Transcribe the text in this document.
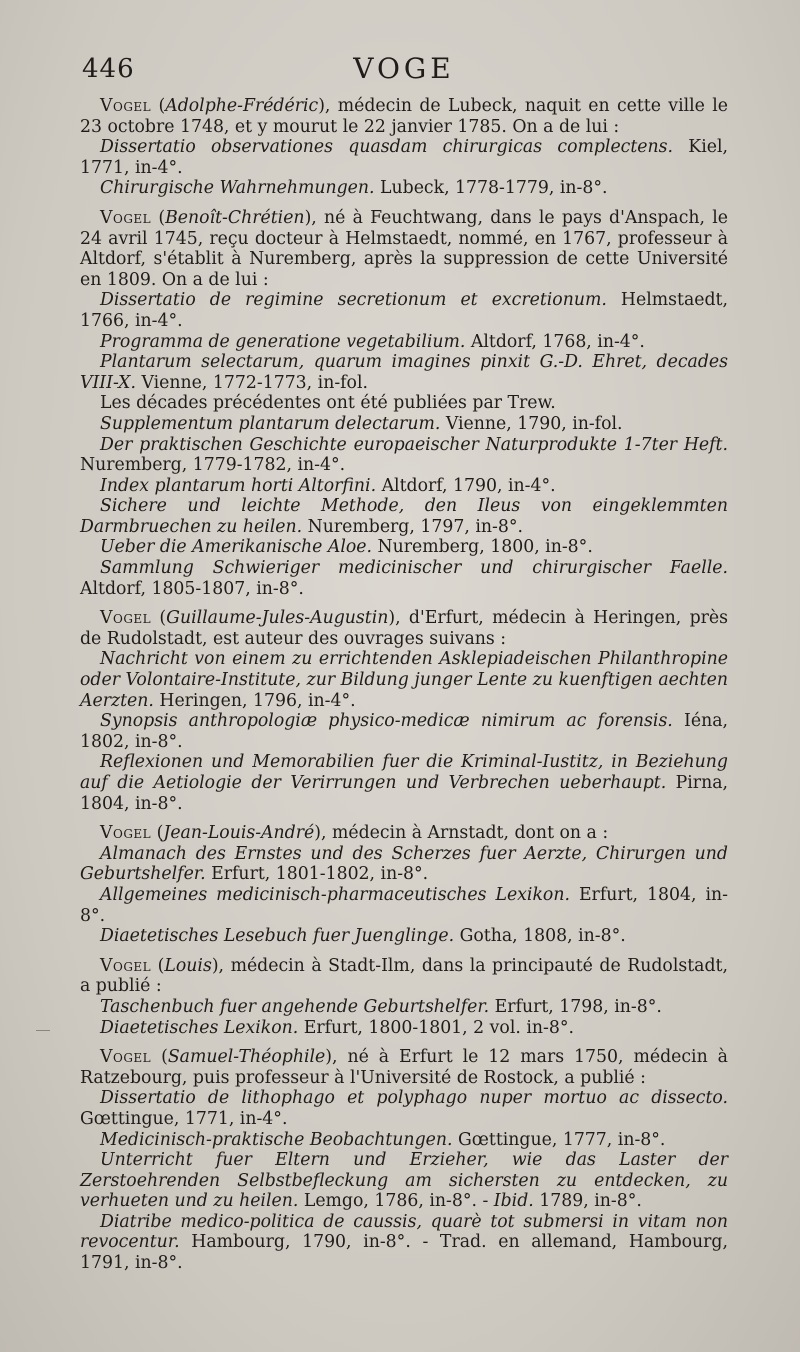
446	VOGE

Vogel (Adolphe-Frédéric), médecin de Lubeck, naquit en cette ville le 23 octobre 1748, et y mourut le 22 janvier 1785. On a de lui :

Dissertatio observationes quasdam chirurgicas complectens. Kiel, 1771, in-4°.

Chirurgische Wahrnehmungen. Lubeck, 1778-1779, in-8°.

Vogel (Benoît-Chrétien), né à Feuchtwang, dans le pays d'Anspach, le 24 avril 1745, reçu docteur à Helmstaedt, nommé, en 1767, professeur à Altdorf, s'établit à Nuremberg, après la suppression de cette Université en 1809. On a de lui :

Dissertatio de regimine secretionum et excretionum. Helmstaedt, 1766, in-4°.

Programma de generatione vegetabilium. Altdorf, 1768, in-4°.

Plantarum selectarum, quarum imagines pinxit G.-D. Ehret, decades VIII-X. Vienne, 1772-1773, in-fol.

Les décades précédentes ont été publiées par Trew.

Supplementum plantarum delectarum. Vienne, 1790, in-fol.

Der praktischen Geschichte europaeischer Naturprodukte 1-7ter Heft. Nuremberg, 1779-1782, in-4°.

Index plantarum horti Altorfini. Altdorf, 1790, in-4°.

Sichere und leichte Methode, den Ileus von eingeklemmten Darmbruechen zu heilen. Nuremberg, 1797, in-8°.

Ueber die Amerikanische Aloe. Nuremberg, 1800, in-8°.

Sammlung Schwieriger medicinischer und chirurgischer Faelle. Altdorf, 1805-1807, in-8°.

Vogel (Guillaume-Jules-Augustin), d'Erfurt, médecin à Heringen, près de Rudolstadt, est auteur des ouvrages suivans :

Nachricht von einem zu errichtenden Asklepiadeischen Philanthropine oder Volontaire-Institute, zur Bildung junger Lente zu kuenftigen aechten Aerzten. Heringen, 1796, in-4°.

Synopsis anthropologiæ physico-medicæ nimirum ac forensis. Iéna, 1802, in-8°.

Reflexionen und Memorabilien fuer die Kriminal-Iustitz, in Beziehung auf die Aetiologie der Verirrungen und Verbrechen ueberhaupt. Pirna, 1804, in-8°.

Vogel (Jean-Louis-André), médecin à Arnstadt, dont on a :

Almanach des Ernstes und des Scherzes fuer Aerzte, Chirurgen und Geburtshelfer. Erfurt, 1801-1802, in-8°.

Allgemeines medicinisch-pharmaceutisches Lexikon. Erfurt, 1804, in-8°.

Diaetetisches Lesebuch fuer Juenglinge. Gotha, 1808, in-8°.

Vogel (Louis), médecin à Stadt-Ilm, dans la principauté de Rudolstadt, a publié :

Taschenbuch fuer angehende Geburtshelfer. Erfurt, 1798, in-8°.

Diaetetisches Lexikon. Erfurt, 1800-1801, 2 vol. in-8°.

Vogel (Samuel-Théophile), né à Erfurt le 12 mars 1750, médecin à Ratzebourg, puis professeur à l'Université de Rostock, a publié :

Dissertatio de lithophago et polyphago nuper mortuo ac dissecto. Gœttingue, 1771, in-4°.

Medicinisch-praktische Beobachtungen. Gœttingue, 1777, in-8°.

Unterricht fuer Eltern und Erzieher, wie das Laster der Zerstoehrenden Selbstbefleckung am sichersten zu entdecken, zu verhueten und zu heilen. Lemgo, 1786, in-8°. - Ibid. 1789, in-8°.

Diatribe medico-politica de caussis, quarè tot submersi in vitam non revocentur. Hambourg, 1790, in-8°. - Trad. en allemand, Hambourg, 1791, in-8°.
